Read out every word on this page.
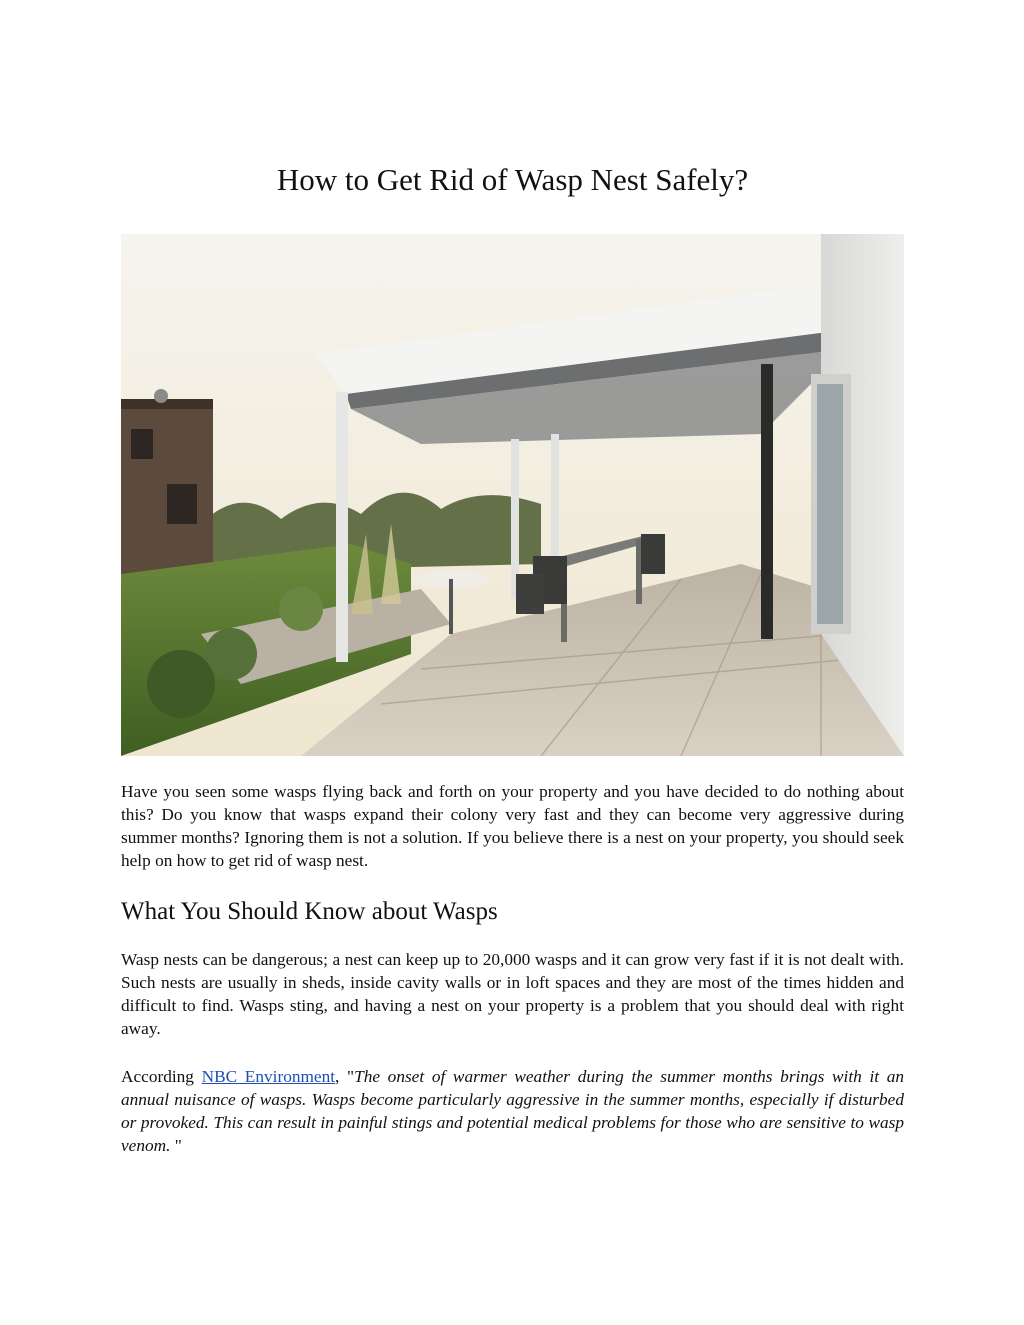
How to Get Rid of Wasp Nest Safely?

Have you seen some wasps flying back and forth on your property and you have decided to do nothing about this? Do you know that wasps expand their colony very fast and they can become very aggressive during summer months? Ignoring them is not a solution. If you believe there is a nest on your property, you should seek help on how to get rid of wasp nest.

What You Should Know about Wasps

Wasp nests can be dangerous; a nest can keep up to 20,000 wasps and it can grow very fast if it is not dealt with. Such nests are usually in sheds, inside cavity walls or in loft spaces and they are most of the times hidden and difficult to find. Wasps sting, and having a nest on your property is a problem that you should deal with right away.

According NBC Environment, "The onset of warmer weather during the summer months brings with it an annual nuisance of wasps. Wasps become particularly aggressive in the summer months, especially if disturbed or provoked. This can result in painful stings and potential medical problems for those who are sensitive to wasp venom. "
